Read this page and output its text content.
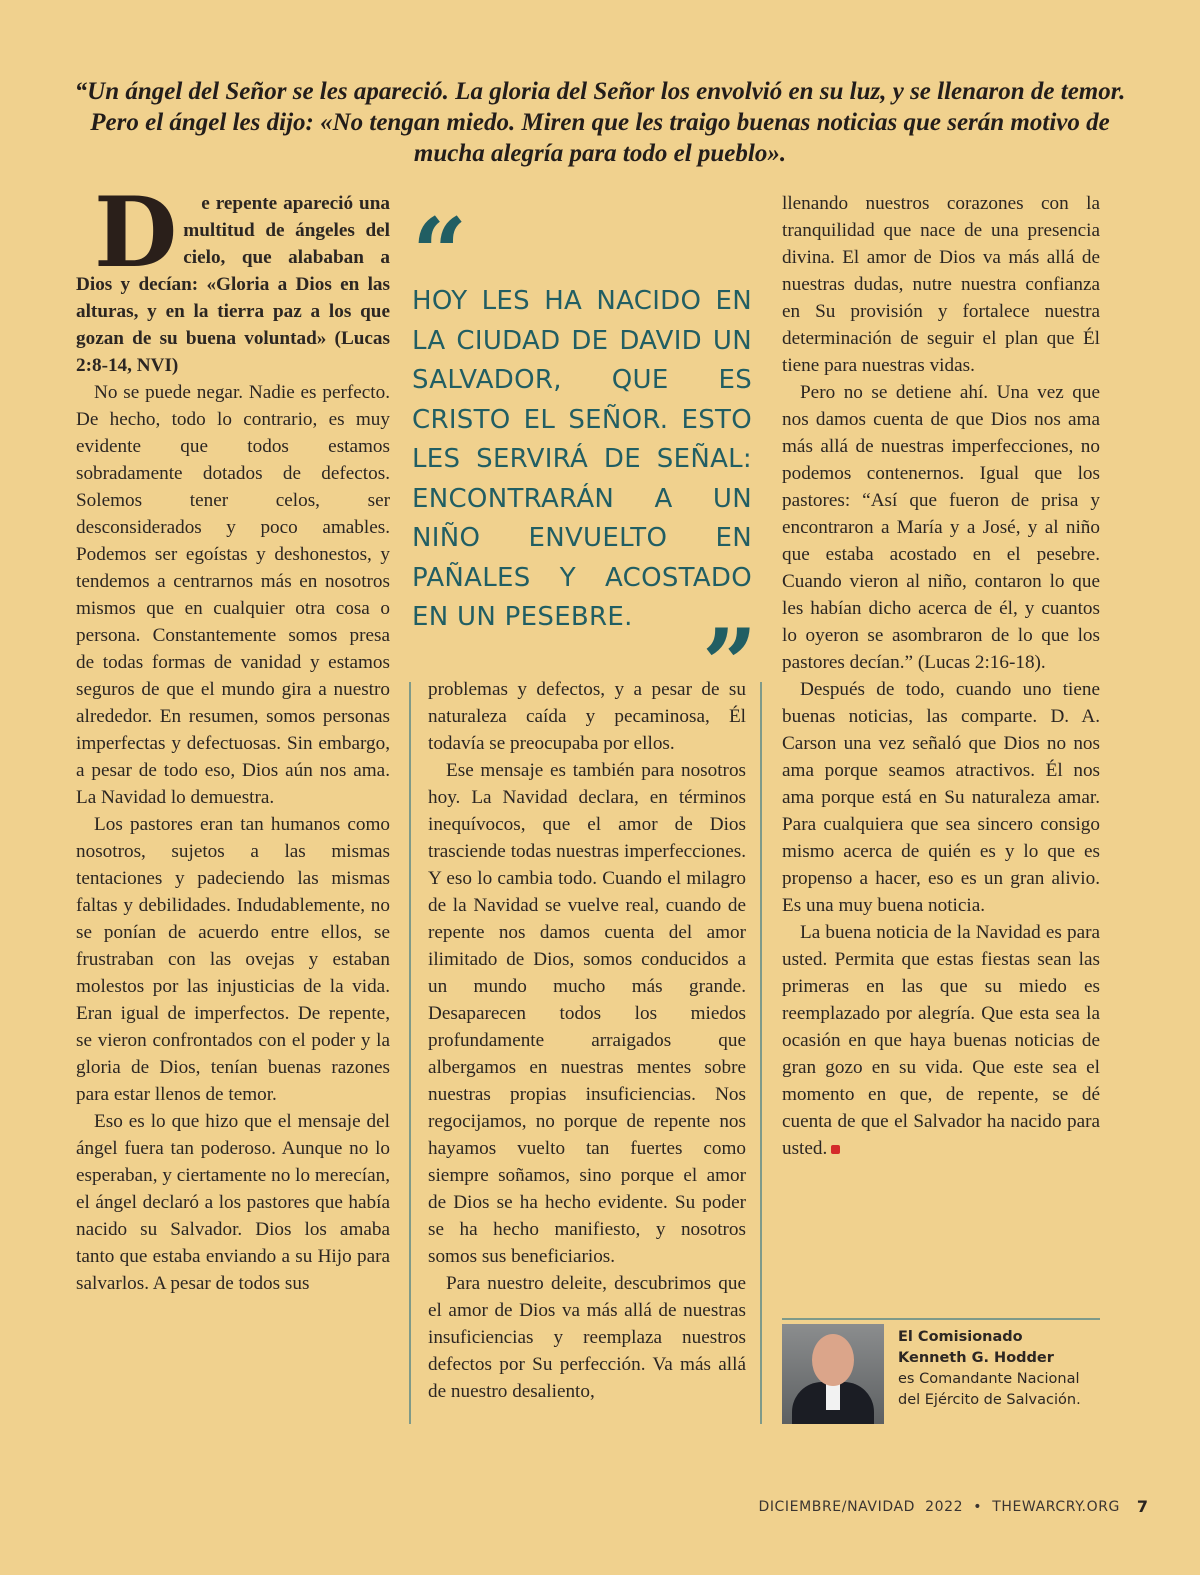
“Un ángel del Señor se les apareció. La gloria del Señor los envolvió en su luz, y se llenaron de temor. Pero el ángel les dijo: «No tengan miedo. Miren que les traigo buenas noticias que serán motivo de mucha alegría para todo el pueblo».

D e repente apareció una multitud de ángeles del cielo, que alababan a Dios y decían: «Gloria a Dios en las alturas, y en la tierra paz a los que gozan de su buena voluntad» (Lucas 2:8-14, NVI)

No se puede negar. Nadie es perfecto. De hecho, todo lo contrario, es muy evidente que todos estamos sobradamente dotados de defectos. Solemos tener celos, ser desconsiderados y poco amables. Podemos ser egoístas y deshonestos, y tendemos a centrarnos más en nosotros mismos que en cualquier otra cosa o persona. Constantemente somos presa de todas formas de vanidad y estamos seguros de que el mundo gira a nuestro alrededor. En resumen, somos personas imperfectas y defectuosas. Sin embargo, a pesar de todo eso, Dios aún nos ama. La Navidad lo demuestra.

Los pastores eran tan humanos como nosotros, sujetos a las mismas tentaciones y padeciendo las mismas faltas y debilidades. Indudablemente, no se ponían de acuerdo entre ellos, se frustraban con las ovejas y estaban molestos por las injusticias de la vida. Eran igual de imperfectos. De repente, se vieron confrontados con el poder y la gloria de Dios, tenían buenas razones para estar llenos de temor.

Eso es lo que hizo que el mensaje del ángel fuera tan poderoso. Aunque no lo esperaban, y ciertamente no lo merecían, el ángel declaró a los pastores que había nacido su Salvador. Dios los amaba tanto que estaba enviando a su Hijo para salvarlos. A pesar de todos sus

“
HOY LES HA NACIDO EN LA CIUDAD DE DAVID UN SALVADOR, QUE ES CRISTO EL SEÑOR. ESTO LES SERVIRÁ DE SEÑAL: ENCONTRARÁN A UN NIÑO ENVUELTO EN PAÑALES Y ACOSTADO EN UN PESEBRE. ”

problemas y defectos, y a pesar de su naturaleza caída y pecaminosa, Él todavía se preocupaba por ellos.

Ese mensaje es también para nosotros hoy. La Navidad declara, en términos inequívocos, que el amor de Dios trasciende todas nuestras imperfecciones. Y eso lo cambia todo. Cuando el milagro de la Navidad se vuelve real, cuando de repente nos damos cuenta del amor ilimitado de Dios, somos conducidos a un mundo mucho más grande. Desaparecen todos los miedos profundamente arraigados que albergamos en nuestras mentes sobre nuestras propias insuficiencias. Nos regocijamos, no porque de repente nos hayamos vuelto tan fuertes como siempre soñamos, sino porque el amor de Dios se ha hecho evidente. Su poder se ha hecho manifiesto, y nosotros somos sus beneficiarios.

Para nuestro deleite, descubrimos que el amor de Dios va más allá de nuestras insuficiencias y reemplaza nuestros defectos por Su perfección. Va más allá de nuestro desaliento,

llenando nuestros corazones con la tranquilidad que nace de una presencia divina. El amor de Dios va más allá de nuestras dudas, nutre nuestra confianza en Su provisión y fortalece nuestra determinación de seguir el plan que Él tiene para nuestras vidas.

Pero no se detiene ahí. Una vez que nos damos cuenta de que Dios nos ama más allá de nuestras imperfecciones, no podemos contenernos. Igual que los pastores: “Así que fueron de prisa y encontraron a María y a José, y al niño que estaba acostado en el pesebre. Cuando vieron al niño, contaron lo que les habían dicho acerca de él, y cuantos lo oyeron se asombraron de lo que los pastores decían.” (Lucas 2:16-18).

Después de todo, cuando uno tiene buenas noticias, las comparte. D. A. Carson una vez señaló que Dios no nos ama porque seamos atractivos. Él nos ama porque está en Su naturaleza amar. Para cualquiera que sea sincero consigo mismo acerca de quién es y lo que es propenso a hacer, eso es un gran alivio. Es una muy buena noticia.

La buena noticia de la Navidad es para usted. Permita que estas fiestas sean las primeras en las que su miedo es reemplazado por alegría. Que esta sea la ocasión en que haya buenas noticias de gran gozo en su vida. Que este sea el momento en que, de repente, se dé cuenta de que el Salvador ha nacido para usted.

El Comisionado
Kenneth G. Hodder
es Comandante Nacional del Ejército de Salvación.
DICIEMBRE/NAVIDAD  2022  •  THEWARCRY.ORG 7
